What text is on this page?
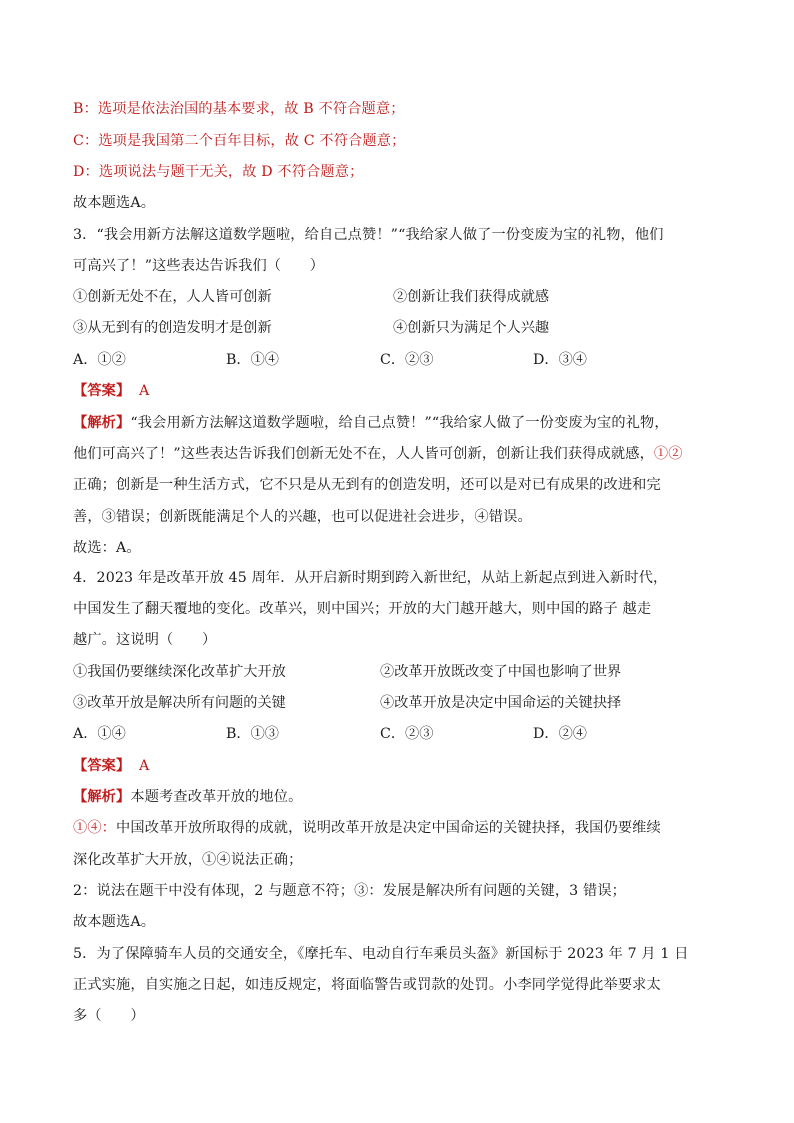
B：选项是依法治国的基本要求，故 B 不符合题意；
C：选项是我国第二个百年目标，故 C 不符合题意；
D：选项说法与题干无关，故 D 不符合题意；
故本题选A。
3．“我会用新方法解这道数学题啦，给自己点赞！”“我给家人做了一份变废为宝的礼物，他们
可高兴了！”这些表达告诉我们（　　）
①创新无处不在，人人皆可创新	②创新让我们获得成就感
③从无到有的创造发明才是创新	④创新只为满足个人兴趣
A．①②	B．①④	C．②③	D．③④
【答案】 A
【解析】“我会用新方法解这道数学题啦，给自己点赞！”“我给家人做了一份变废为宝的礼物，
他们可高兴了！”这些表达告诉我们创新无处不在，人人皆可创新，创新让我们获得成就感，①②
正确；创新是一种生活方式，它不只是从无到有的创造发明，还可以是对已有成果的改进和完
善，③错误；创新既能满足个人的兴趣，也可以促进社会进步，④错误。
故选：A。
4．2023 年是改革开放 45 周年．从开启新时期到跨入新世纪，从站上新起点到进入新时代，
中国发生了翻天覆地的变化。改革兴，则中国兴；开放的大门越开越大，则中国的路子 越走
越广。这说明（　　）
①我国仍要继续深化改革扩大开放	②改革开放既改变了中国也影响了世界
③改革开放是解决所有问题的关键	④改革开放是决定中国命运的关键抉择
A．①④	B．①③	C．②③	D．②④
【答案】 A
【解析】本题考查改革开放的地位。
①④：中国改革开放所取得的成就，说明改革开放是决定中国命运的关键抉择，我国仍要维续
深化改革扩大开放，①④说法正确；
2：说法在题干中没有体现，2 与题意不符；③：发展是解决所有问题的关键，3 错误；
故本题选A。
5．为了保障骑车人员的交通安全，《摩托车、电动自行车乘员头盔》新国标于 2023 年 7 月 1 日
正式实施，自实施之日起，如违反规定，将面临警告或罚款的处罚。小李同学觉得此举要求太
多（　　）
